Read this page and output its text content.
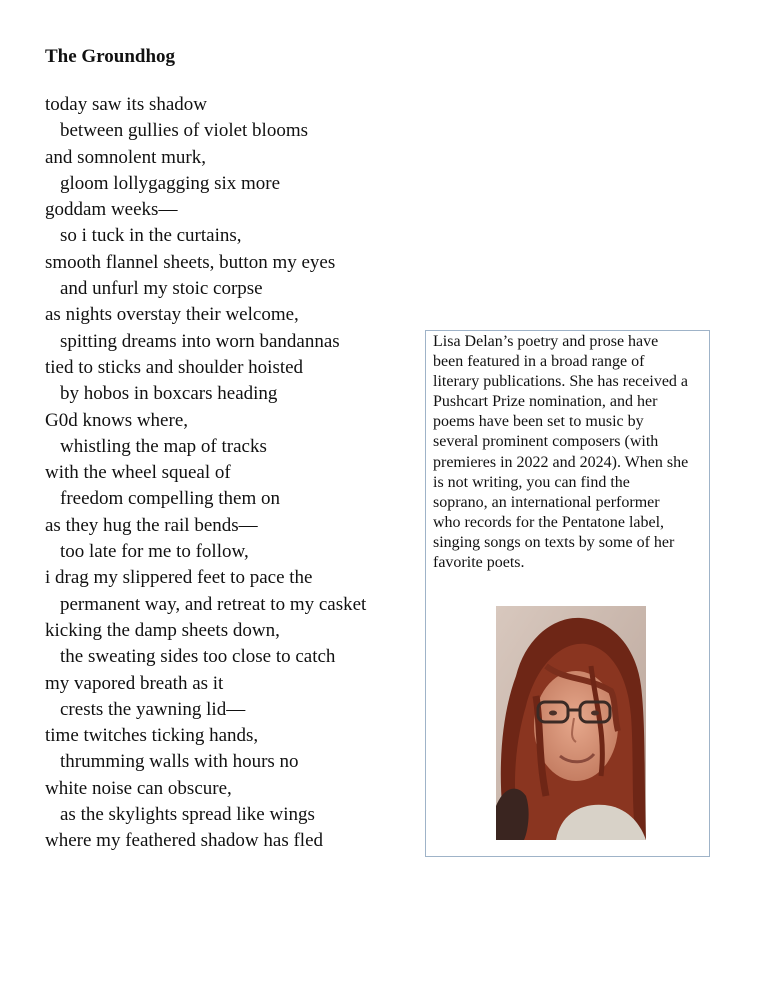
The Groundhog
today saw its shadow
between gullies of violet blooms
and somnolent murk,
gloom lollygagging six more
goddam weeks—
so i tuck in the curtains,
smooth flannel sheets, button my eyes
and unfurl my stoic corpse
as nights overstay their welcome,
spitting dreams into worn bandannas
tied to sticks and shoulder hoisted
by hobos in boxcars heading
G0d knows where,
whistling the map of tracks
with the wheel squeal of
freedom compelling them on
as they hug the rail bends—
too late for me to follow,
i drag my slippered feet to pace the
permanent way, and retreat to my casket
kicking the damp sheets down,
the sweating sides too close to catch
my vapored breath as it
crests the yawning lid—
time twitches ticking hands,
thrumming walls with hours no
white noise can obscure,
as the skylights spread like wings
where my feathered shadow has fled

Lisa Delan’s poetry and prose have
been featured in a broad range of
literary publications. She has received a
Pushcart Prize nomination, and her
poems have been set to music by
several prominent composers (with
premieres in 2022 and 2024). When she
is not writing, you can find the
soprano, an international performer
who records for the Pentatone label,
singing songs on texts by some of her
favorite poets.
